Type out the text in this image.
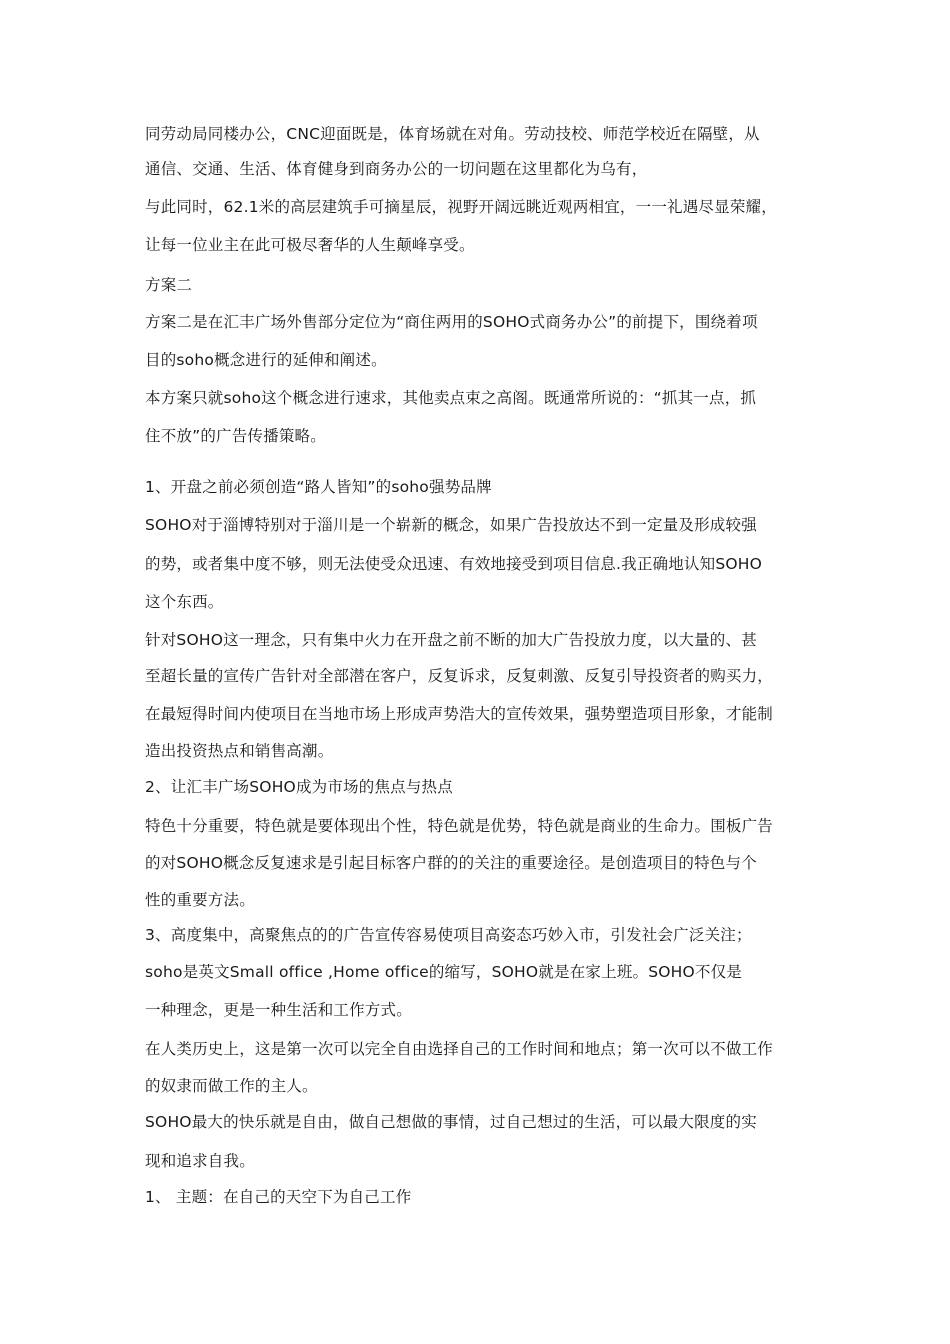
同劳动局同楼办公，CNC迎面既是，体育场就在对角。劳动技校、师范学校近在隔壁，从
通信、交通、生活、体育健身到商务办公的一切问题在这里都化为乌有，
与此同时，62.1米的高层建筑手可摘星辰，视野开阔远眺近观两相宜，一一礼遇尽显荣耀，
让每一位业主在此可极尽奢华的人生颠峰享受。
方案二
方案二是在汇丰广场外售部分定位为“商住两用的SOHO式商务办公”的前提下，围绕着项
目的soho概念进行的延伸和阐述。
本方案只就soho这个概念进行速求，其他卖点束之高阁。既通常所说的：“抓其一点，抓
住不放”的广告传播策略。
1、开盘之前必须创造“路人皆知”的soho强势品牌
SOHO对于淄博特别对于淄川是一个崭新的概念，如果广告投放达不到一定量及形成较强
的势，或者集中度不够，则无法使受众迅速、有效地接受到项目信息.我正确地认知SOHO
这个东西。
针对SOHO这一理念，只有集中火力在开盘之前不断的加大广告投放力度，以大量的、甚
至超长量的宣传广告针对全部潜在客户，反复诉求，反复刺激、反复引导投资者的购买力，
在最短得时间内使项目在当地市场上形成声势浩大的宣传效果，强势塑造项目形象，才能制
造出投资热点和销售高潮。
2、让汇丰广场SOHO成为市场的焦点与热点
特色十分重要，特色就是要体现出个性，特色就是优势，特色就是商业的生命力。围板广告
的对SOHO概念反复速求是引起目标客户群的的关注的重要途径。是创造项目的特色与个
性的重要方法。
3、高度集中，高聚焦点的的广告宣传容易使项目高姿态巧妙入市，引发社会广泛关注；
soho是英文Small office ,Home office的缩写，SOHO就是在家上班。SOHO不仅是
一种理念，更是一种生活和工作方式。
在人类历史上，这是第一次可以完全自由选择自己的工作时间和地点；第一次可以不做工作
的奴隶而做工作的主人。
SOHO最大的快乐就是自由，做自己想做的事情，过自己想过的生活，可以最大限度的实
现和追求自我。
1、 主题：在自己的天空下为自己工作
